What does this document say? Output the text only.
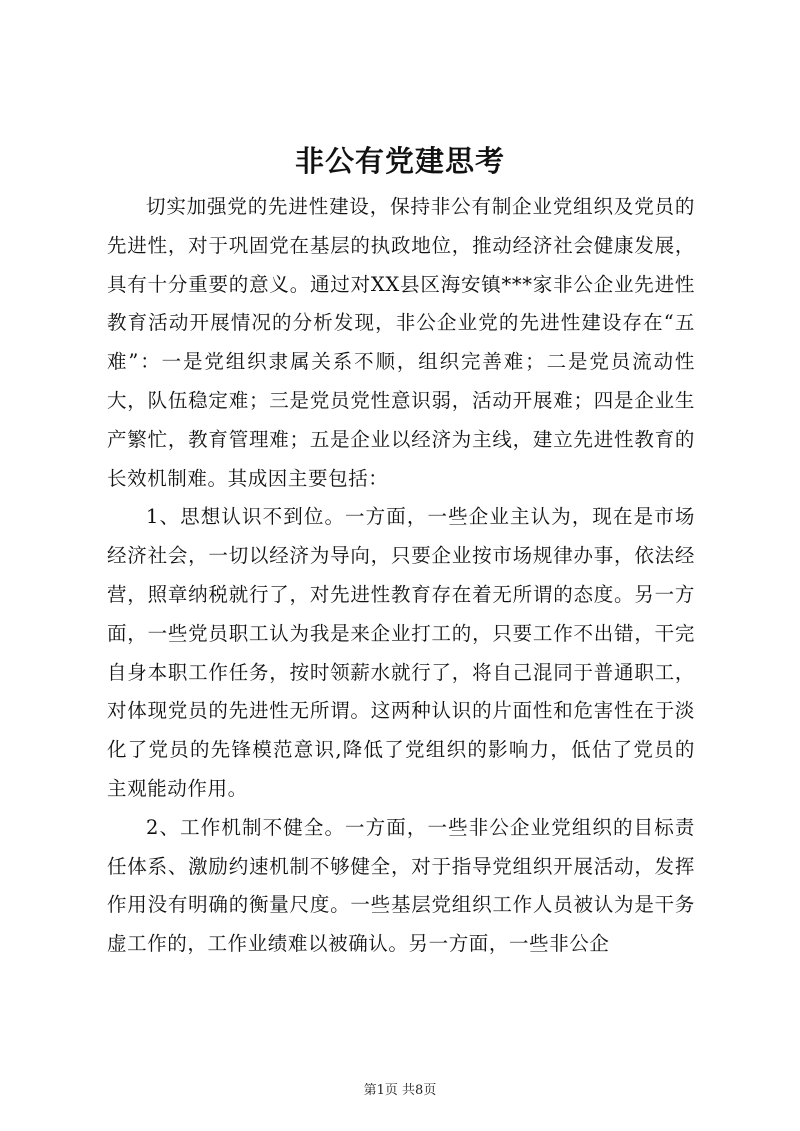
非公有党建思考

切实加强党的先进性建设，保持非公有制企业党组织及党员的先进性，对于巩固党在基层的执政地位，推动经济社会健康发展，具有十分重要的意义。通过对XX县区海安镇***家非公企业先进性教育活动开展情况的分析发现，非公企业党的先进性建设存在“五难”：一是党组织隶属关系不顺，组织完善难；二是党员流动性大，队伍稳定难；三是党员党性意识弱，活动开展难；四是企业生产繁忙，教育管理难；五是企业以经济为主线，建立先进性教育的长效机制难。其成因主要包括：

1、思想认识不到位。一方面，一些企业主认为，现在是市场经济社会，一切以经济为导向，只要企业按市场规律办事，依法经营，照章纳税就行了，对先进性教育存在着无所谓的态度。另一方面，一些党员职工认为我是来企业打工的，只要工作不出错，干完自身本职工作任务，按时领薪水就行了，将自己混同于普通职工，对体现党员的先进性无所谓。这两种认识的片面性和危害性在于淡化了党员的先锋模范意识,降低了党组织的影响力，低估了党员的主观能动作用。

2、工作机制不健全。一方面，一些非公企业党组织的目标责任体系、激励约速机制不够健全，对于指导党组织开展活动，发挥作用没有明确的衡量尺度。一些基层党组织工作人员被认为是干务虚工作的，工作业绩难以被确认。另一方面，一些非公企

第1页 共8页
